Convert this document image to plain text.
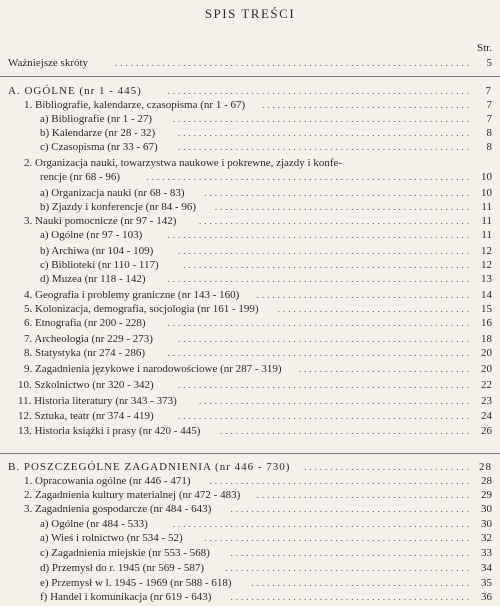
SPIS TREŚCI
Str.
Ważniejsze skróty	5
....................................................................
A. OGÓLNE (nr 1 - 445)	7
..........................................................
1. Bibliografie, kalendarze, czasopisma (nr 1 - 67)	7
........................................
a) Bibliografie (nr 1 - 27)	7
.........................................................
b) Kalendarze (nr 28 - 32)	8
........................................................
c) Czasopisma (nr 33 - 67)	8
........................................................
2. Organizacja nauki, towarzystwa naukowe i pokrewne, zjazdy i konfe-
rencje (nr 68 - 96)	10
..............................................................
a) Organizacja nauki (nr 68 - 83)	10
...................................................
b) Zjazdy i konferencje (nr 84 - 96)	11
.................................................
3. Nauki pomocnicze (nr 97 - 142)	11
....................................................
a) Ogólne (nr 97 - 103)	11
..........................................................
b) Archiwa (nr 104 - 109)	12
........................................................
c) Biblioteki (nr 110 - 117)	12
.......................................................
d) Muzea (nr 118 - 142)	13
..........................................................
4. Geografia i problemy graniczne (nr 143 - 160)	14
.........................................
5. Kolonizacja, demografia, socjologia (nr 161 - 199)	15
.....................................
6. Etnografia (nr 200 - 228)	16
..........................................................
7. Archeologia (nr 229 - 273)	18
........................................................
8. Statystyka (nr 274 - 286)	20
..........................................................
9. Zagadnienia językowe i narodowościowe (nr 287 - 319)	20
.................................
10. Szkolnictwo (nr 320 - 342)	22
........................................................
11. Historia literatury (nr 343 - 373)	23
....................................................
12. Sztuka, teatr (nr 374 - 419)	24
........................................................
13. Historia książki i prasy (nr 420 - 445)	26
................................................
B. POSZCZEGÓLNE ZAGADNIENIA (nr 446 - 730)	28
................................
1. Opracowania ogólne (nr 446 - 471)	28
..................................................
2. Zagadnienia kultury materialnej (nr 472 - 483)	29
.........................................
3. Zagadnienia gospodarcze (nr 484 - 643)	30
..............................................
a) Ogólne (nr 484 - 533)	30
.........................................................
a) Wieś i rolnictwo (nr 534 - 52)	32
...................................................
c) Zagadnienia miejskie (nr 553 - 568)	33
..............................................
d) Przemysł do r. 1945 (nr 569 - 587)	34
...............................................
e) Przemysł w l. 1945 - 1969 (nr 588 - 618)	35
..........................................
f) Handel i komunikacja (nr 619 - 643)	36
..............................................
